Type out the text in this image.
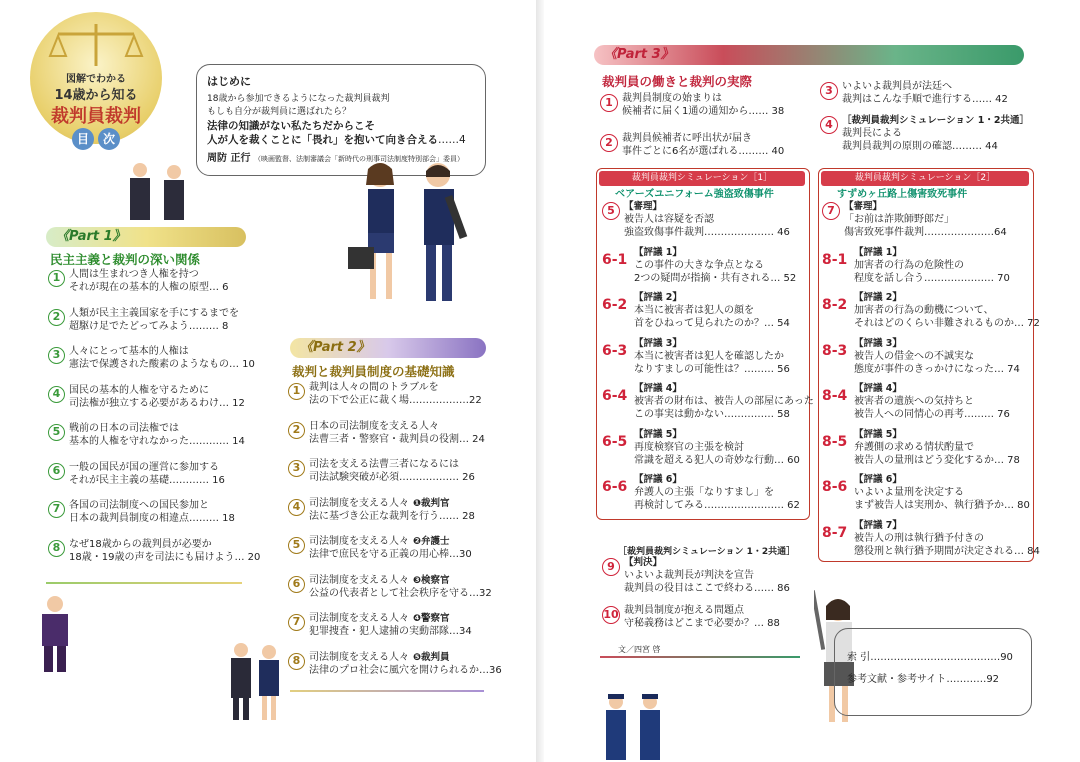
図解でわかる
14歳から知る
裁判員裁判
目	次
はじめに
18歳から参加できるようになった裁判員裁判
もしも自分が裁判員に選ばれたら？
法律の知識がない私たちだからこそ
人が人を裁くことに「畏れ」を抱いて向き合える……4
周防 正行 （映画監督、法制審議会「新時代の刑事司法制度特別部会」委員）
《Part 1》
民主主義と裁判の深い関係
《Part 2》
裁判と裁判員制度の基礎知識
1 人間は生まれつき人権を持つ
それが現在の基本的人権の原型… 6
2 人類が民主主義国家を手にするまでを
超駆け足でたどってみよう……… 8
3 人々にとって基本的人権は
憲法で保護された酸素のようなもの… 10
4 国民の基本的人権を守るために
司法権が独立する必要があるわけ… 12
5 戦前の日本の司法権では
基本的人権を守れなかった………… 14
6 一般の国民が国の運営に参加する
それが民主主義の基礎………… 16
7 各国の司法制度への国民参加と
日本の裁判員制度の相違点……… 18
8 なぜ18歳からの裁判員が必要か
18歳・19歳の声を司法にも届けよう… 20
1 裁判は人々の間のトラブルを
法の下で公正に裁く場………………22
2 日本の司法制度を支える人々
法曹三者・警察官・裁判員の役割… 24
3 司法を支える法曹三者になるには
司法試験突破が必須……………… 26
4 司法制度を支える人々 ❶裁判官
法に基づき公正な裁判を行う…… 28
5 司法制度を支える人々 ❷弁護士
法律で庶民を守る正義の用心棒…30
6 司法制度を支える人々 ❸検察官
公益の代表者として社会秩序を守る…32
7 司法制度を支える人々 ❹警察官
犯罪捜査・犯人逮捕の実動部隊…34
8 司法制度を支える人々 ❺裁判員
法律のプロ社会に風穴を開けられるか…36
《Part 3》
裁判員の働きと裁判の実際
裁判員裁判シミュレーション［1］
ベアーズユニフォーム強盗致傷事件
裁判員裁判シミュレーション［2］
すずめヶ丘路上傷害致死事件
［裁判員裁判シミュレーション 1・2共通］
文／四宮 啓
索 引…………………………………90
参考文献・参考サイト…………92
1 裁判員制度の始まりは
候補者に届く1通の通知から…… 38
2 裁判員候補者に呼出状が届き
事件ごとに6名が選ばれる……… 40
3 いよいよ裁判員が法廷へ
裁判はこんな手順で進行する…… 42
4 ［裁判員裁判シミュレーション 1・2共通］
裁判長による
裁判員裁判の原則の確認……… 44
5 【審理】
被告人は容疑を否認
強盗致傷事件裁判………………… 46
6-1 【評議 1】
この事件の大きな争点となる
2つの疑問が指摘・共有される… 52
6-2 【評議 2】
本当に被害者は犯人の顔を
首をひねって見られたのか？… 54
6-3 【評議 3】
本当に被害者は犯人を確認したか
なりすましの可能性は？……… 56
6-4 【評議 4】
被害者の財布は、被告人の部屋にあった
この事実は動かない…………… 58
6-5 【評議 5】
再度検察官の主張を検討
常識を超える犯人の奇妙な行動… 60
6-6 【評議 6】
弁護人の主張「なりすまし」を
再検討してみる…………………… 62
7 【審理】
「お前は詐欺師野郎だ」
傷害致死事件裁判…………………64
8-1 【評議 1】
加害者の行為の危険性の
程度を話し合う………………… 70
8-2 【評議 2】
加害者の行為の動機について、
それはどのくらい非難されるものか… 72
8-3 【評議 3】
被告人の借金への不誠実な
態度が事件のきっかけになった… 74
8-4 【評議 4】
被害者の遺族への気持ちと
被告人への同情心の再考……… 76
8-5 【評議 5】
弁護側の求める情状酌量で
被告人の量刑はどう変化するか… 78
8-6 【評議 6】
いよいよ量刑を決定する
まず被告人は実刑か、執行猶予か… 80
8-7 【評議 7】
被告人の刑は執行猶予付きの
懲役刑と執行猶予期間が決定される… 84
9 【判決】
いよいよ裁判長が判決を宣告
裁判員の役目はここで終わる…… 86
10 裁判員制度が抱える問題点
守秘義務はどこまで必要か？… 88
